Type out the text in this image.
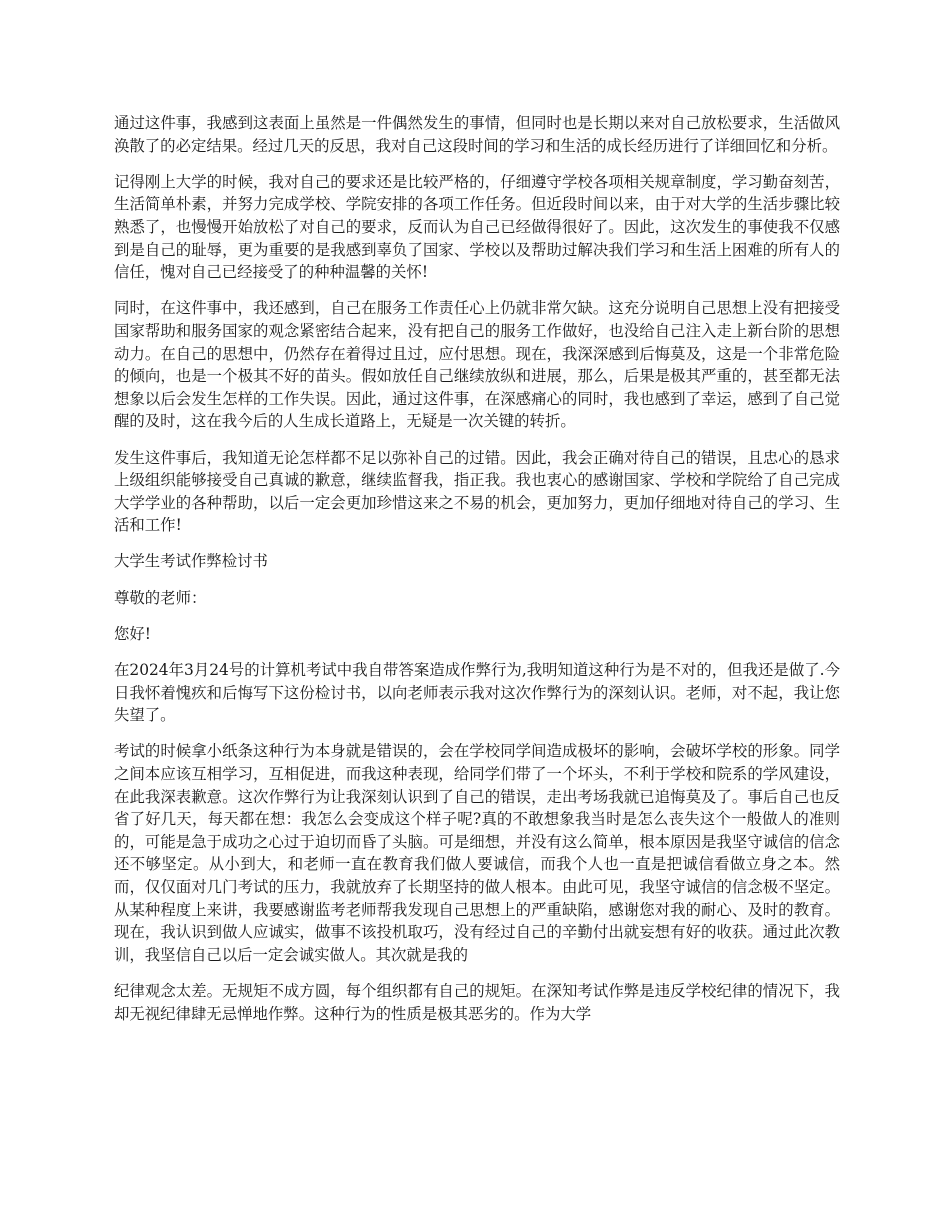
通过这件事，我感到这表面上虽然是一件偶然发生的事情，但同时也是长期以来对自己放松要求，生活做风涣散了的必定结果。经过几天的反思，我对自己这段时间的学习和生活的成长经历进行了详细回忆和分析。

记得刚上大学的时候，我对自己的要求还是比较严格的，仔细遵守学校各项相关规章制度，学习勤奋刻苦，生活简单朴素，并努力完成学校、学院安排的各项工作任务。但近段时间以来，由于对大学的生活步骤比较熟悉了，也慢慢开始放松了对自己的要求，反而认为自己已经做得很好了。因此，这次发生的事使我不仅感到是自己的耻辱，更为重要的是我感到辜负了国家、学校以及帮助过解决我们学习和生活上困难的所有人的信任，愧对自己已经接受了的种种温馨的关怀!

同时，在这件事中，我还感到，自己在服务工作责任心上仍就非常欠缺。这充分说明自己思想上没有把接受国家帮助和服务国家的观念紧密结合起来，没有把自己的服务工作做好，也没给自己注入走上新台阶的思想动力。在自己的思想中，仍然存在着得过且过，应付思想。现在，我深深感到后悔莫及，这是一个非常危险的倾向，也是一个极其不好的苗头。假如放任自己继续放纵和进展，那么，后果是极其严重的，甚至都无法想象以后会发生怎样的工作失误。因此，通过这件事，在深感痛心的同时，我也感到了幸运，感到了自己觉醒的及时，这在我今后的人生成长道路上，无疑是一次关键的转折。

发生这件事后，我知道无论怎样都不足以弥补自己的过错。因此，我会正确对待自己的错误，且忠心的恳求上级组织能够接受自己真诚的歉意，继续监督我，指正我。我也衷心的感谢国家、学校和学院给了自己完成大学学业的各种帮助，以后一定会更加珍惜这来之不易的机会，更加努力，更加仔细地对待自己的学习、生活和工作!

大学生考试作弊检讨书

尊敬的老师：

您好!

在2024年3月24号的计算机考试中我自带答案造成作弊行为,我明知道这种行为是不对的，但我还是做了.今日我怀着愧疚和后悔写下这份检讨书，以向老师表示我对这次作弊行为的深刻认识。老师，对不起，我让您失望了。

考试的时候拿小纸条这种行为本身就是错误的，会在学校同学间造成极坏的影响，会破坏学校的形象。同学之间本应该互相学习，互相促进，而我这种表现，给同学们带了一个坏头，不利于学校和院系的学风建设，在此我深表歉意。这次作弊行为让我深刻认识到了自己的错误，走出考场我就已追悔莫及了。事后自己也反省了好几天，每天都在想：我怎么会变成这个样子呢?真的不敢想象我当时是怎么丧失这个一般做人的准则的，可能是急于成功之心过于迫切而昏了头脑。可是细想，并没有这么简单，根本原因是我坚守诚信的信念还不够坚定。从小到大，和老师一直在教育我们做人要诚信，而我个人也一直是把诚信看做立身之本。然而，仅仅面对几门考试的压力，我就放弃了长期坚持的做人根本。由此可见，我坚守诚信的信念极不坚定。从某种程度上来讲，我要感谢监考老师帮我发现自己思想上的严重缺陷，感谢您对我的耐心、及时的教育。现在，我认识到做人应诚实，做事不该投机取巧，没有经过自己的辛勤付出就妄想有好的收获。通过此次教训，我坚信自己以后一定会诚实做人。其次就是我的

纪律观念太差。无规矩不成方圆，每个组织都有自己的规矩。在深知考试作弊是违反学校纪律的情况下，我却无视纪律肆无忌惮地作弊。这种行为的性质是极其恶劣的。作为大学
